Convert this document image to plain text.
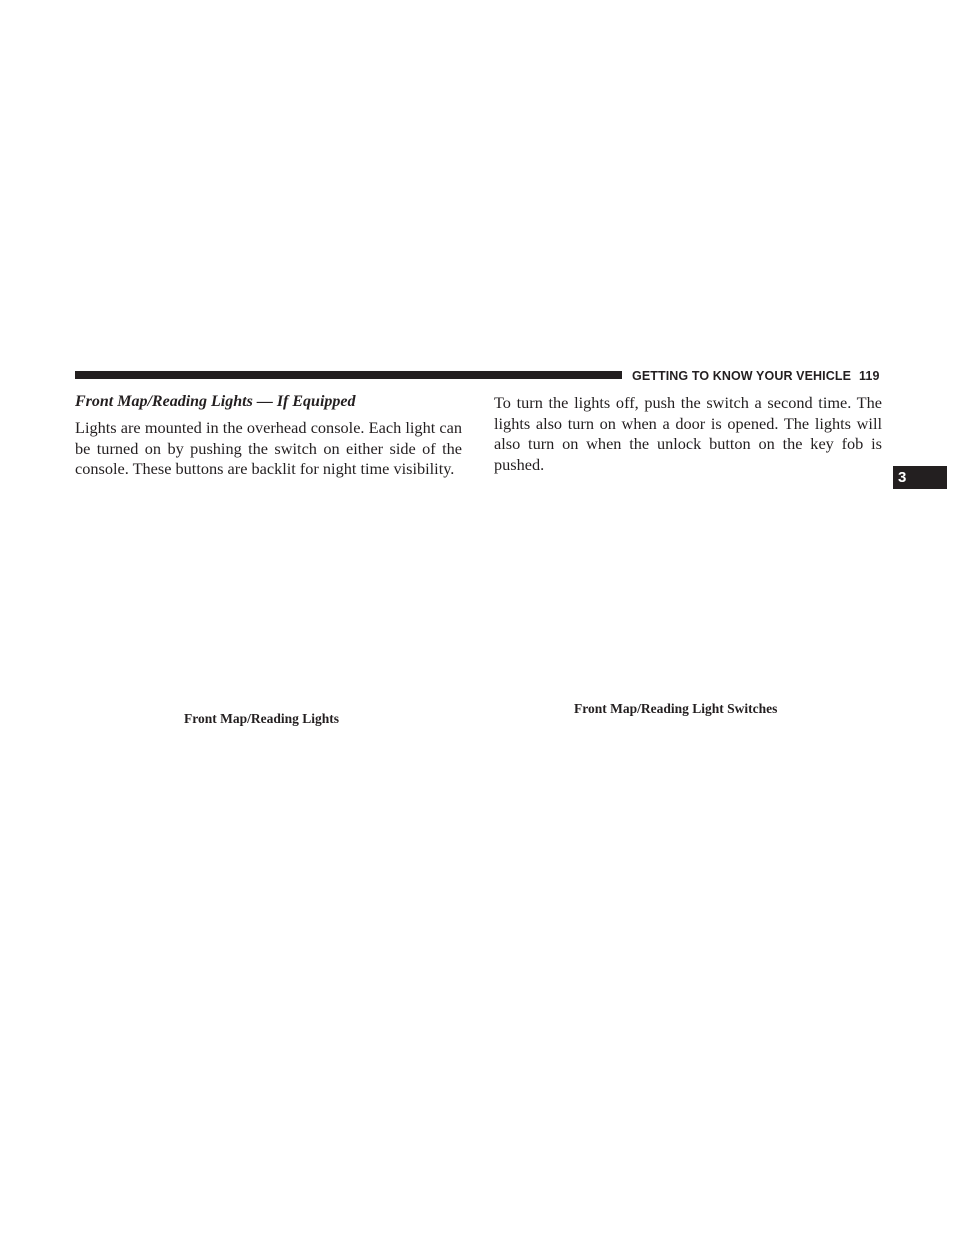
GETTING TO KNOW YOUR VEHICLE 119
Front Map/Reading Lights — If Equipped
Lights are mounted in the overhead console. Each light can be turned on by pushing the switch on either side of the console. These buttons are backlit for night time visibility.
To turn the lights off, push the switch a second time. The lights also turn on when a door is opened. The lights will also turn on when the unlock button on the key fob is pushed.
Front Map/Reading Lights
Front Map/Reading Light Switches
3
